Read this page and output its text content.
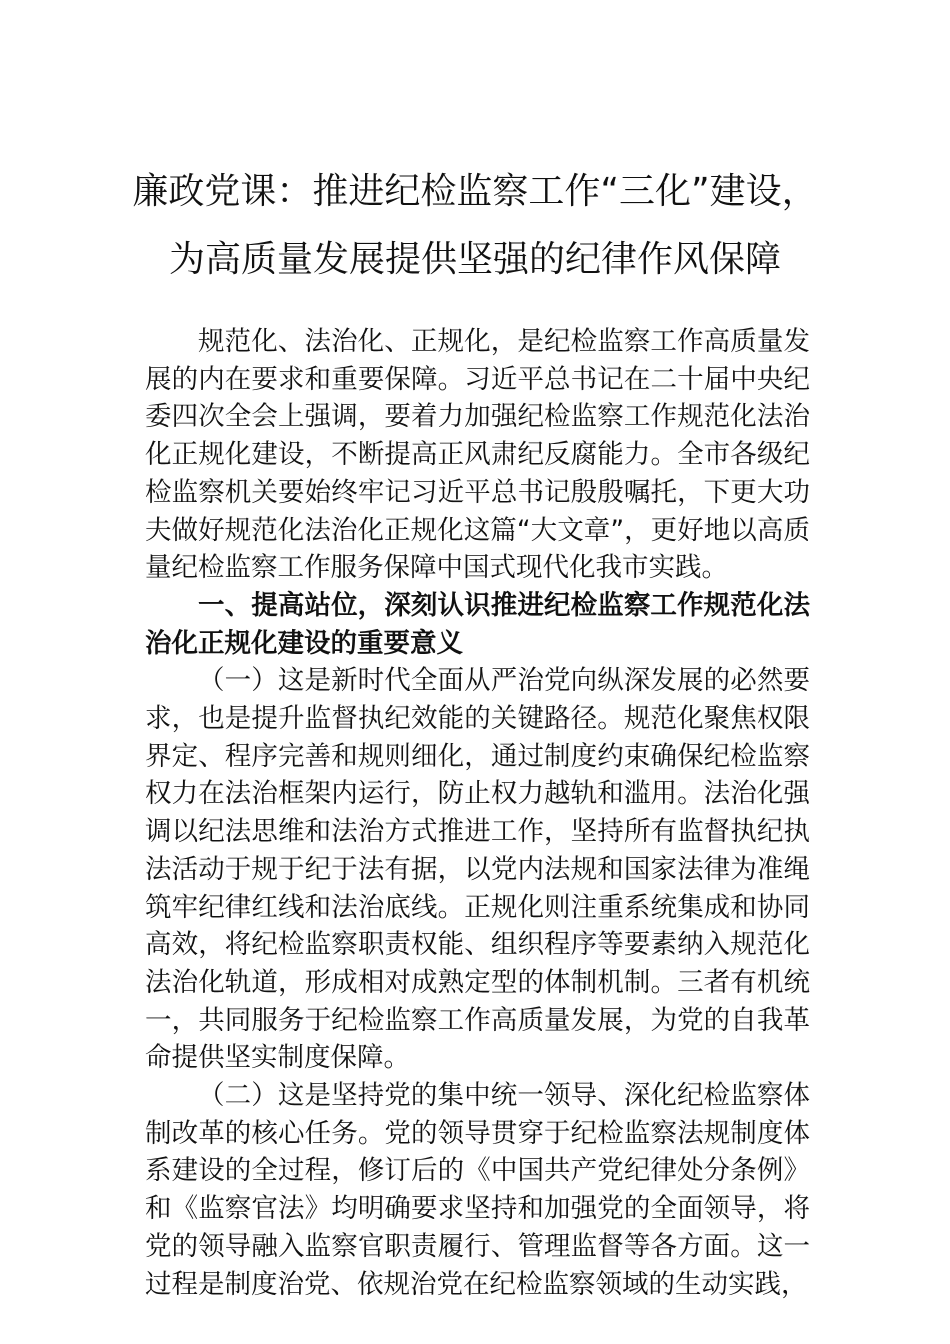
廉政党课：推进纪检监察工作“三化”建设，
为高质量发展提供坚强的纪律作风保障

规范化、法治化、正规化，是纪检监察工作高质量发展的内在要求和重要保障。习近平总书记在二十届中央纪委四次全会上强调，要着力加强纪检监察工作规范化法治化正规化建设，不断提高正风肃纪反腐能力。全市各级纪检监察机关要始终牢记习近平总书记殷殷嘱托，下更大功夫做好规范化法治化正规化这篇“大文章”，更好地以高质量纪检监察工作服务保障中国式现代化我市实践。

一、提高站位，深刻认识推进纪检监察工作规范化法治化正规化建设的重要意义

（一）这是新时代全面从严治党向纵深发展的必然要求，也是提升监督执纪效能的关键路径。规范化聚焦权限界定、程序完善和规则细化，通过制度约束确保纪检监察权力在法治框架内运行，防止权力越轨和滥用。法治化强调以纪法思维和法治方式推进工作，坚持所有监督执纪执法活动于规于纪于法有据，以党内法规和国家法律为准绳筑牢纪律红线和法治底线。正规化则注重系统集成和协同高效，将纪检监察职责权能、组织程序等要素纳入规范化法治化轨道，形成相对成熟定型的体制机制。三者有机统一，共同服务于纪检监察工作高质量发展，为党的自我革命提供坚实制度保障。

（二）这是坚持党的集中统一领导、深化纪检监察体制改革的核心任务。党的领导贯穿于纪检监察法规制度体系建设的全过程，修订后的《中国共产党纪律处分条例》和《监察官法》均明确要求坚持和加强党的全面领导，将党的领导融入监察官职责履行、管理监督等各方面。这一过程是制度治党、依规治党在纪检监察领域的生动实践，
